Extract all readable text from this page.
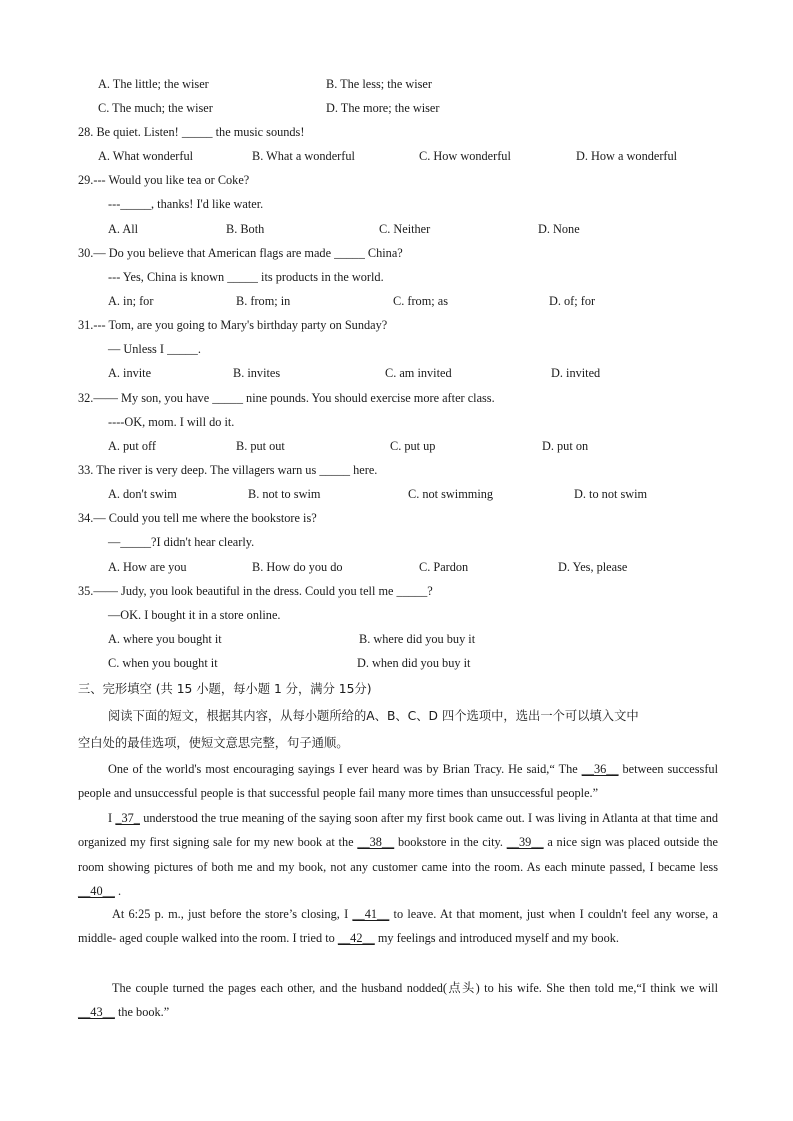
A. The little; the wiser	B. The less; the wiser
C. The much; the wiser	D. The more; the wiser
28. Be quiet. Listen! _____ the music sounds!
A. What wonderful	B. What a wonderful	C. How wonderful	D. How a wonderful
29.--- Would you like tea or Coke?
---_____, thanks! I'd like water.
A. All	B. Both	C. Neither	D. None
30.— Do you believe that American flags are made _____ China?
--- Yes, China is known _____ its products in the world.
A. in; for	B. from; in	C. from; as	D. of; for
31.--- Tom, are you going to Mary's birthday party on Sunday?
— Unless I _____.
A. invite	B. invites	C. am invited	D. invited
32.—— My son, you have _____ nine pounds. You should exercise more after class.
----OK, mom. I will do it.
A. put off	B. put out	C. put up	D. put on
33. The river is very deep. The villagers warn us _____ here.
A. don't swim	B. not to swim	C. not swimming	D. to not swim
34.— Could you tell me where the bookstore is?
—_____?I didn't hear clearly.
A. How are you	B. How do you do	C. Pardon	D. Yes, please
35.—— Judy, you look beautiful in the dress. Could you tell me _____?
—OK. I bought it in a store online.
A. where you bought it	B. where did you buy it
C. when you bought it	D. when did you buy it
三、完形填空 (共 15 小题，每小题 1 分，满分 15分)
阅读下面的短文，根据其内容，从每小题所给的A、B、C、D 四个选项中，选出一个可以填入文中
空白处的最佳选项，使短文意思完整，句子通顺。

One of the world's most encouraging sayings I ever heard was by Brian Tracy. He said,“ The __36__ between successful people and unsuccessful people is that successful people fail many more times than unsuccessful people.”

I _37_ understood the true meaning of the saying soon after my first book came out. I was living in Atlanta at that time and organized my first signing sale for my new book at the __38__ bookstore in the city. __39__ a nice sign was placed outside the room showing pictures of both me and my book, not any customer came into the room. As each minute passed, I became less __40__ .

At 6:25 p. m., just before the store’s closing, I __41__ to leave. At that moment, just when I couldn't feel any worse, a middle- aged couple walked into the room. I tried to __42__ my feelings and introduced myself and my book.

The couple turned the pages each other, and the husband nodded(点头) to his wife. She then told me,“I think we will __43__ the book.”
